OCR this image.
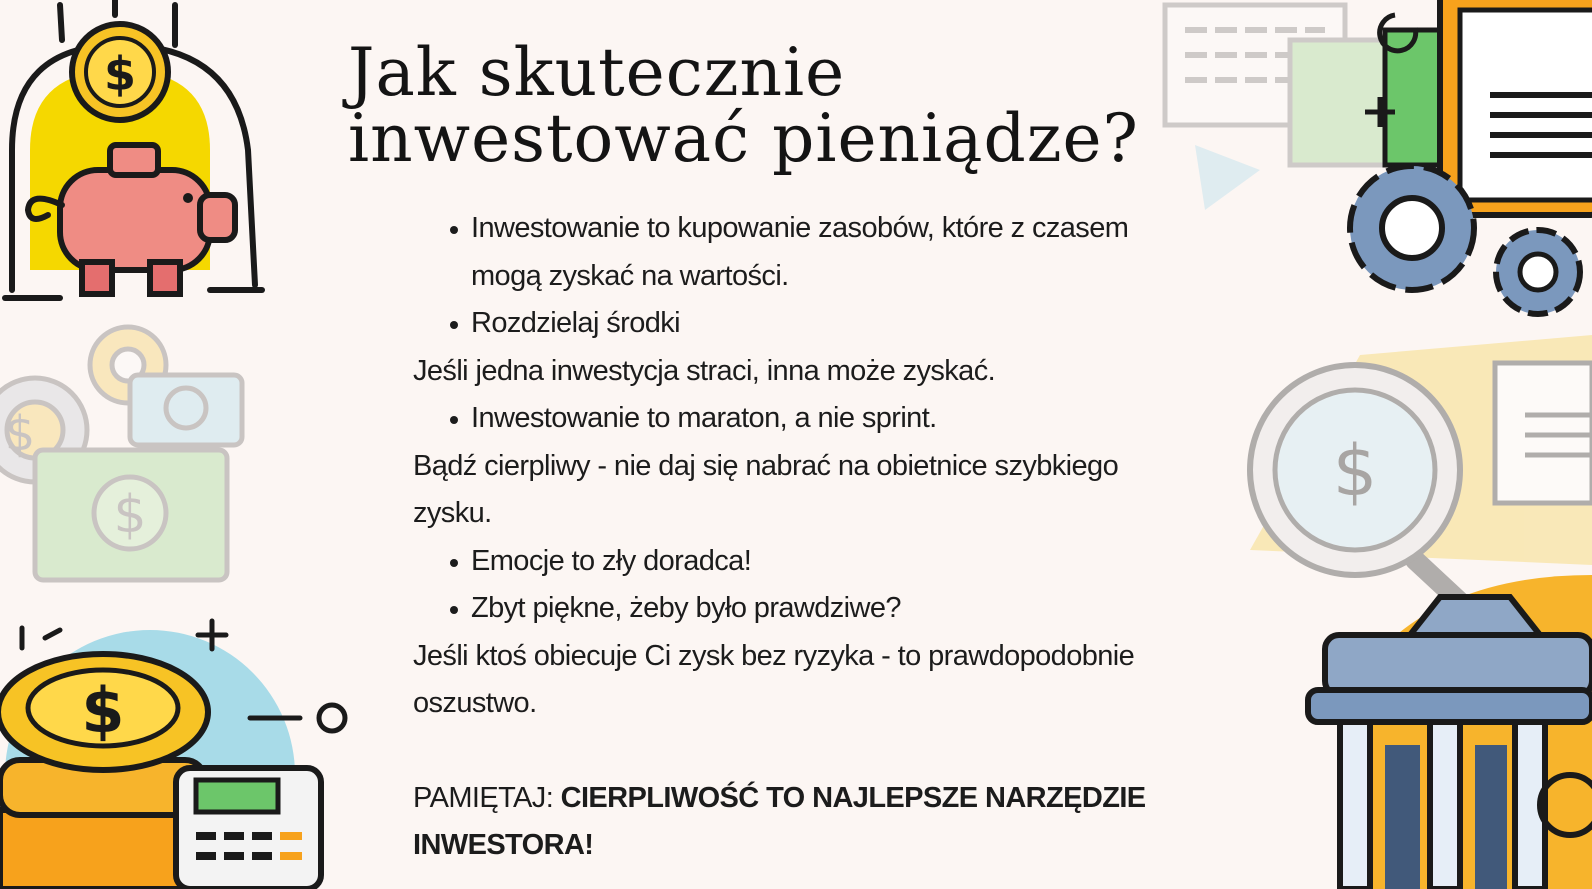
$
$
$
$
$
Jak skutecznie
inwestować pieniądze?
Inwestowanie to kupowanie zasobów, które z czasem mogą zyskać na wartości.
Rozdzielaj środki
Jeśli jedna inwestycja straci, inna może zyskać.
Inwestowanie to maraton, a nie sprint.
Bądź cierpliwy - nie daj się nabrać na obietnice szybkiego zysku.
Emocje to zły doradca!
Zbyt piękne, żeby było prawdziwe?
Jeśli ktoś obiecuje Ci zysk bez ryzyka - to prawdopodobnie oszustwo.
PAMIĘTAJ: CIERPLIWOŚĆ TO NAJLEPSZE NARZĘDZIE INWESTORA!
